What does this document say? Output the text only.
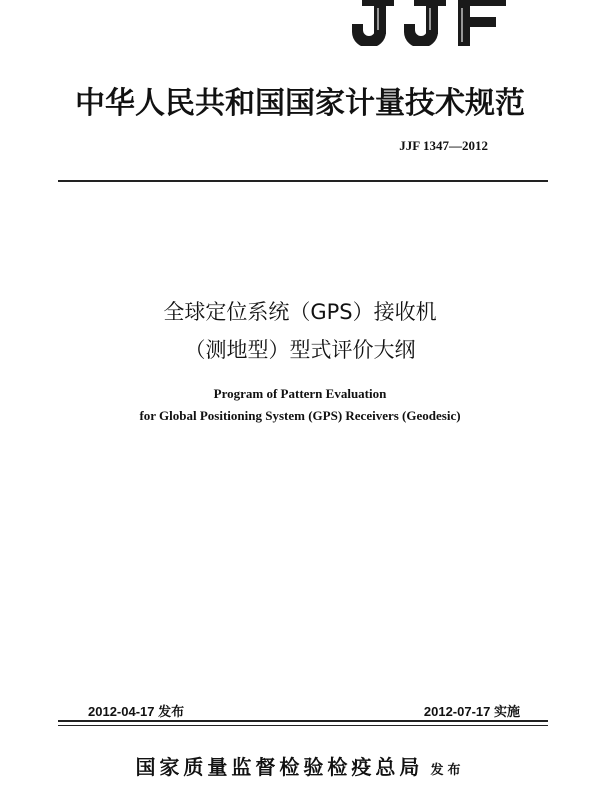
中华人民共和国国家计量技术规范
JJF 1347—2012
全球定位系统（GPS）接收机
（测地型）型式评价大纲
Program of Pattern Evaluation
for Global Positioning System (GPS) Receivers (Geodesic)
2012-04-17 发布	2012-07-17 实施
国家质量监督检验检疫总局 发布
